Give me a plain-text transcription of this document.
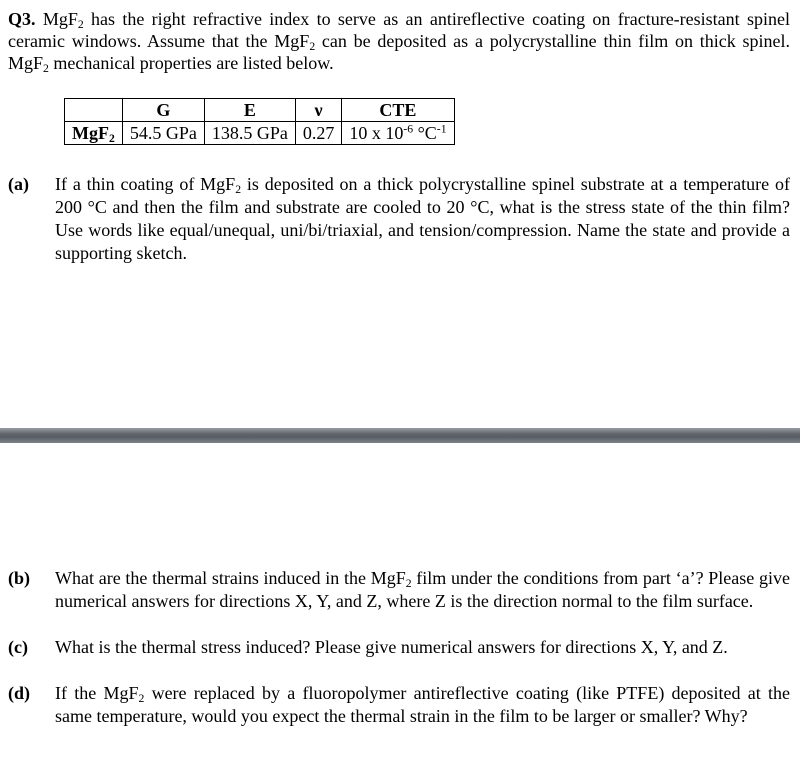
Q3. MgF$_2$ has the right refractive index to serve as an antireflective coating on fracture-resistant spinel ceramic windows. Assume that the MgF$_2$ can be deposited as a polycrystalline thin film on thick spinel. MgF$_2$ mechanical properties are listed below.

	G	E	ν	CTE
MgF$_2$	54.5 GPa	138.5 GPa	0.27	10 x $10^{-6}$ $^\circ C^{-1}$
(a) If a thin coating of MgF$_2$ is deposited on a thick polycrystalline spinel substrate at a temperature of 200 °C and then the film and substrate are cooled to 20 °C, what is the stress state of the thin film? Use words like equal/unequal, uni/bi/triaxial, and tension/compression. Name the state and provide a supporting sketch.
(b) What are the thermal strains induced in the MgF$_2$ film under the conditions from part ‘a’? Please give numerical answers for directions X, Y, and Z, where Z is the direction normal to the film surface.
(c) What is the thermal stress induced? Please give numerical answers for directions X, Y, and Z.
(d) If the MgF$_2$ were replaced by a fluoropolymer antireflective coating (like PTFE) deposited at the same temperature, would you expect the thermal strain in the film to be larger or smaller? Why?
